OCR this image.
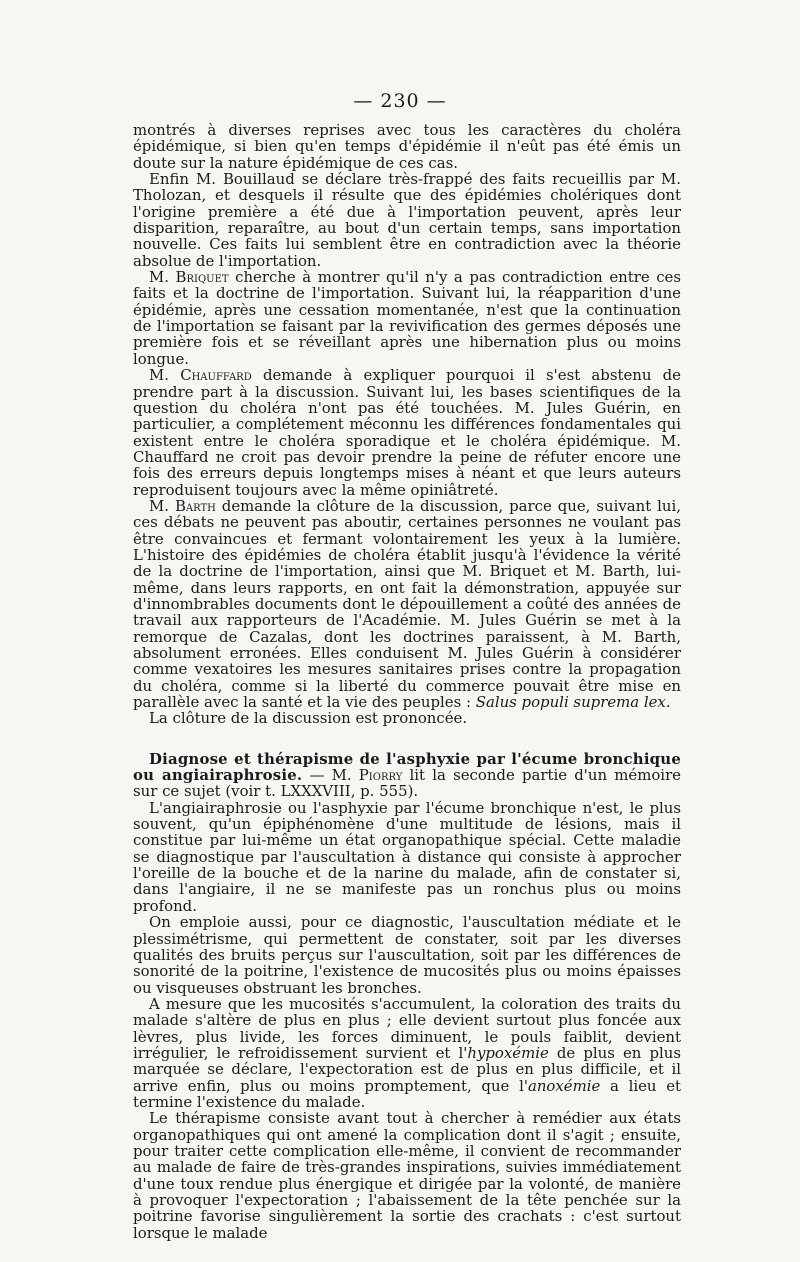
— 230 —

montrés à diverses reprises avec tous les caractères du choléra épidémique, si bien qu'en temps d'épidémie il n'eût pas été émis un doute sur la nature épidémique de ces cas.

Enfin M. Bouillaud se déclare très-frappé des faits recueillis par M. Tholozan, et desquels il résulte que des épidémies cholériques dont l'origine première a été due à l'importation peuvent, après leur disparition, reparaître, au bout d'un certain temps, sans importation nouvelle. Ces faits lui semblent être en contradiction avec la théorie absolue de l'importation.

M. Briquet cherche à montrer qu'il n'y a pas contradiction entre ces faits et la doctrine de l'importation. Suivant lui, la réapparition d'une épidémie, après une cessation momentanée, n'est que la continuation de l'importation se faisant par la revivification des germes déposés une première fois et se réveillant après une hibernation plus ou moins longue.

M. Chauffard demande à expliquer pourquoi il s'est abstenu de prendre part à la discussion. Suivant lui, les bases scientifiques de la question du choléra n'ont pas été touchées. M. Jules Guérin, en particulier, a complétement méconnu les différences fondamentales qui existent entre le choléra sporadique et le choléra épidémique. M. Chauffard ne croit pas devoir prendre la peine de réfuter encore une fois des erreurs depuis longtemps mises à néant et que leurs auteurs reproduisent toujours avec la même opiniâtreté.

M. Barth demande la clôture de la discussion, parce que, suivant lui, ces débats ne peuvent pas aboutir, certaines personnes ne voulant pas être convaincues et fermant volontairement les yeux à la lumière. L'histoire des épidémies de choléra établit jusqu'à l'évidence la vérité de la doctrine de l'importation, ainsi que M. Briquet et M. Barth, lui-même, dans leurs rapports, en ont fait la démonstration, appuyée sur d'innombrables documents dont le dépouillement a coûté des années de travail aux rapporteurs de l'Académie. M. Jules Guérin se met à la remorque de Cazalas, dont les doctrines paraissent, à M. Barth, absolument erronées. Elles conduisent M. Jules Guérin à considérer comme vexatoires les mesures sanitaires prises contre la propagation du choléra, comme si la liberté du commerce pouvait être mise en parallèle avec la santé et la vie des peuples : Salus populi suprema lex.

La clôture de la discussion est prononcée.

Diagnose et thérapisme de l'asphyxie par l'écume bronchique ou angiairaphrosie. — M. Piorry lit la seconde partie d'un mémoire sur ce sujet (voir t. LXXXVIII, p. 555).

L'angiairaphrosie ou l'asphyxie par l'écume bronchique n'est, le plus souvent, qu'un épiphénomène d'une multitude de lésions, mais il constitue par lui-même un état organopathique spécial. Cette maladie se diagnostique par l'auscultation à distance qui consiste à approcher l'oreille de la bouche et de la narine du malade, afin de constater si, dans l'angiaire, il ne se manifeste pas un ronchus plus ou moins profond.

On emploie aussi, pour ce diagnostic, l'auscultation médiate et le plessimétrisme, qui permettent de constater, soit par les diverses qualités des bruits perçus sur l'auscultation, soit par les différences de sonorité de la poitrine, l'existence de mucosités plus ou moins épaisses ou visqueuses obstruant les bronches.

A mesure que les mucosités s'accumulent, la coloration des traits du malade s'altère de plus en plus ; elle devient surtout plus foncée aux lèvres, plus livide, les forces diminuent, le pouls faiblit, devient irrégulier, le refroidissement survient et l'hypoxémie de plus en plus marquée se déclare, l'expectoration est de plus en plus difficile, et il arrive enfin, plus ou moins promptement, que l'anoxémie a lieu et termine l'existence du malade.

Le thérapisme consiste avant tout à chercher à remédier aux états organopathiques qui ont amené la complication dont il s'agit ; ensuite, pour traiter cette complication elle-même, il convient de recommander au malade de faire de très-grandes inspirations, suivies immédiatement d'une toux rendue plus énergique et dirigée par la volonté, de manière à provoquer l'expectoration ; l'abaissement de la tête penchée sur la poitrine favorise singulièrement la sortie des crachats : c'est surtout lorsque le malade
